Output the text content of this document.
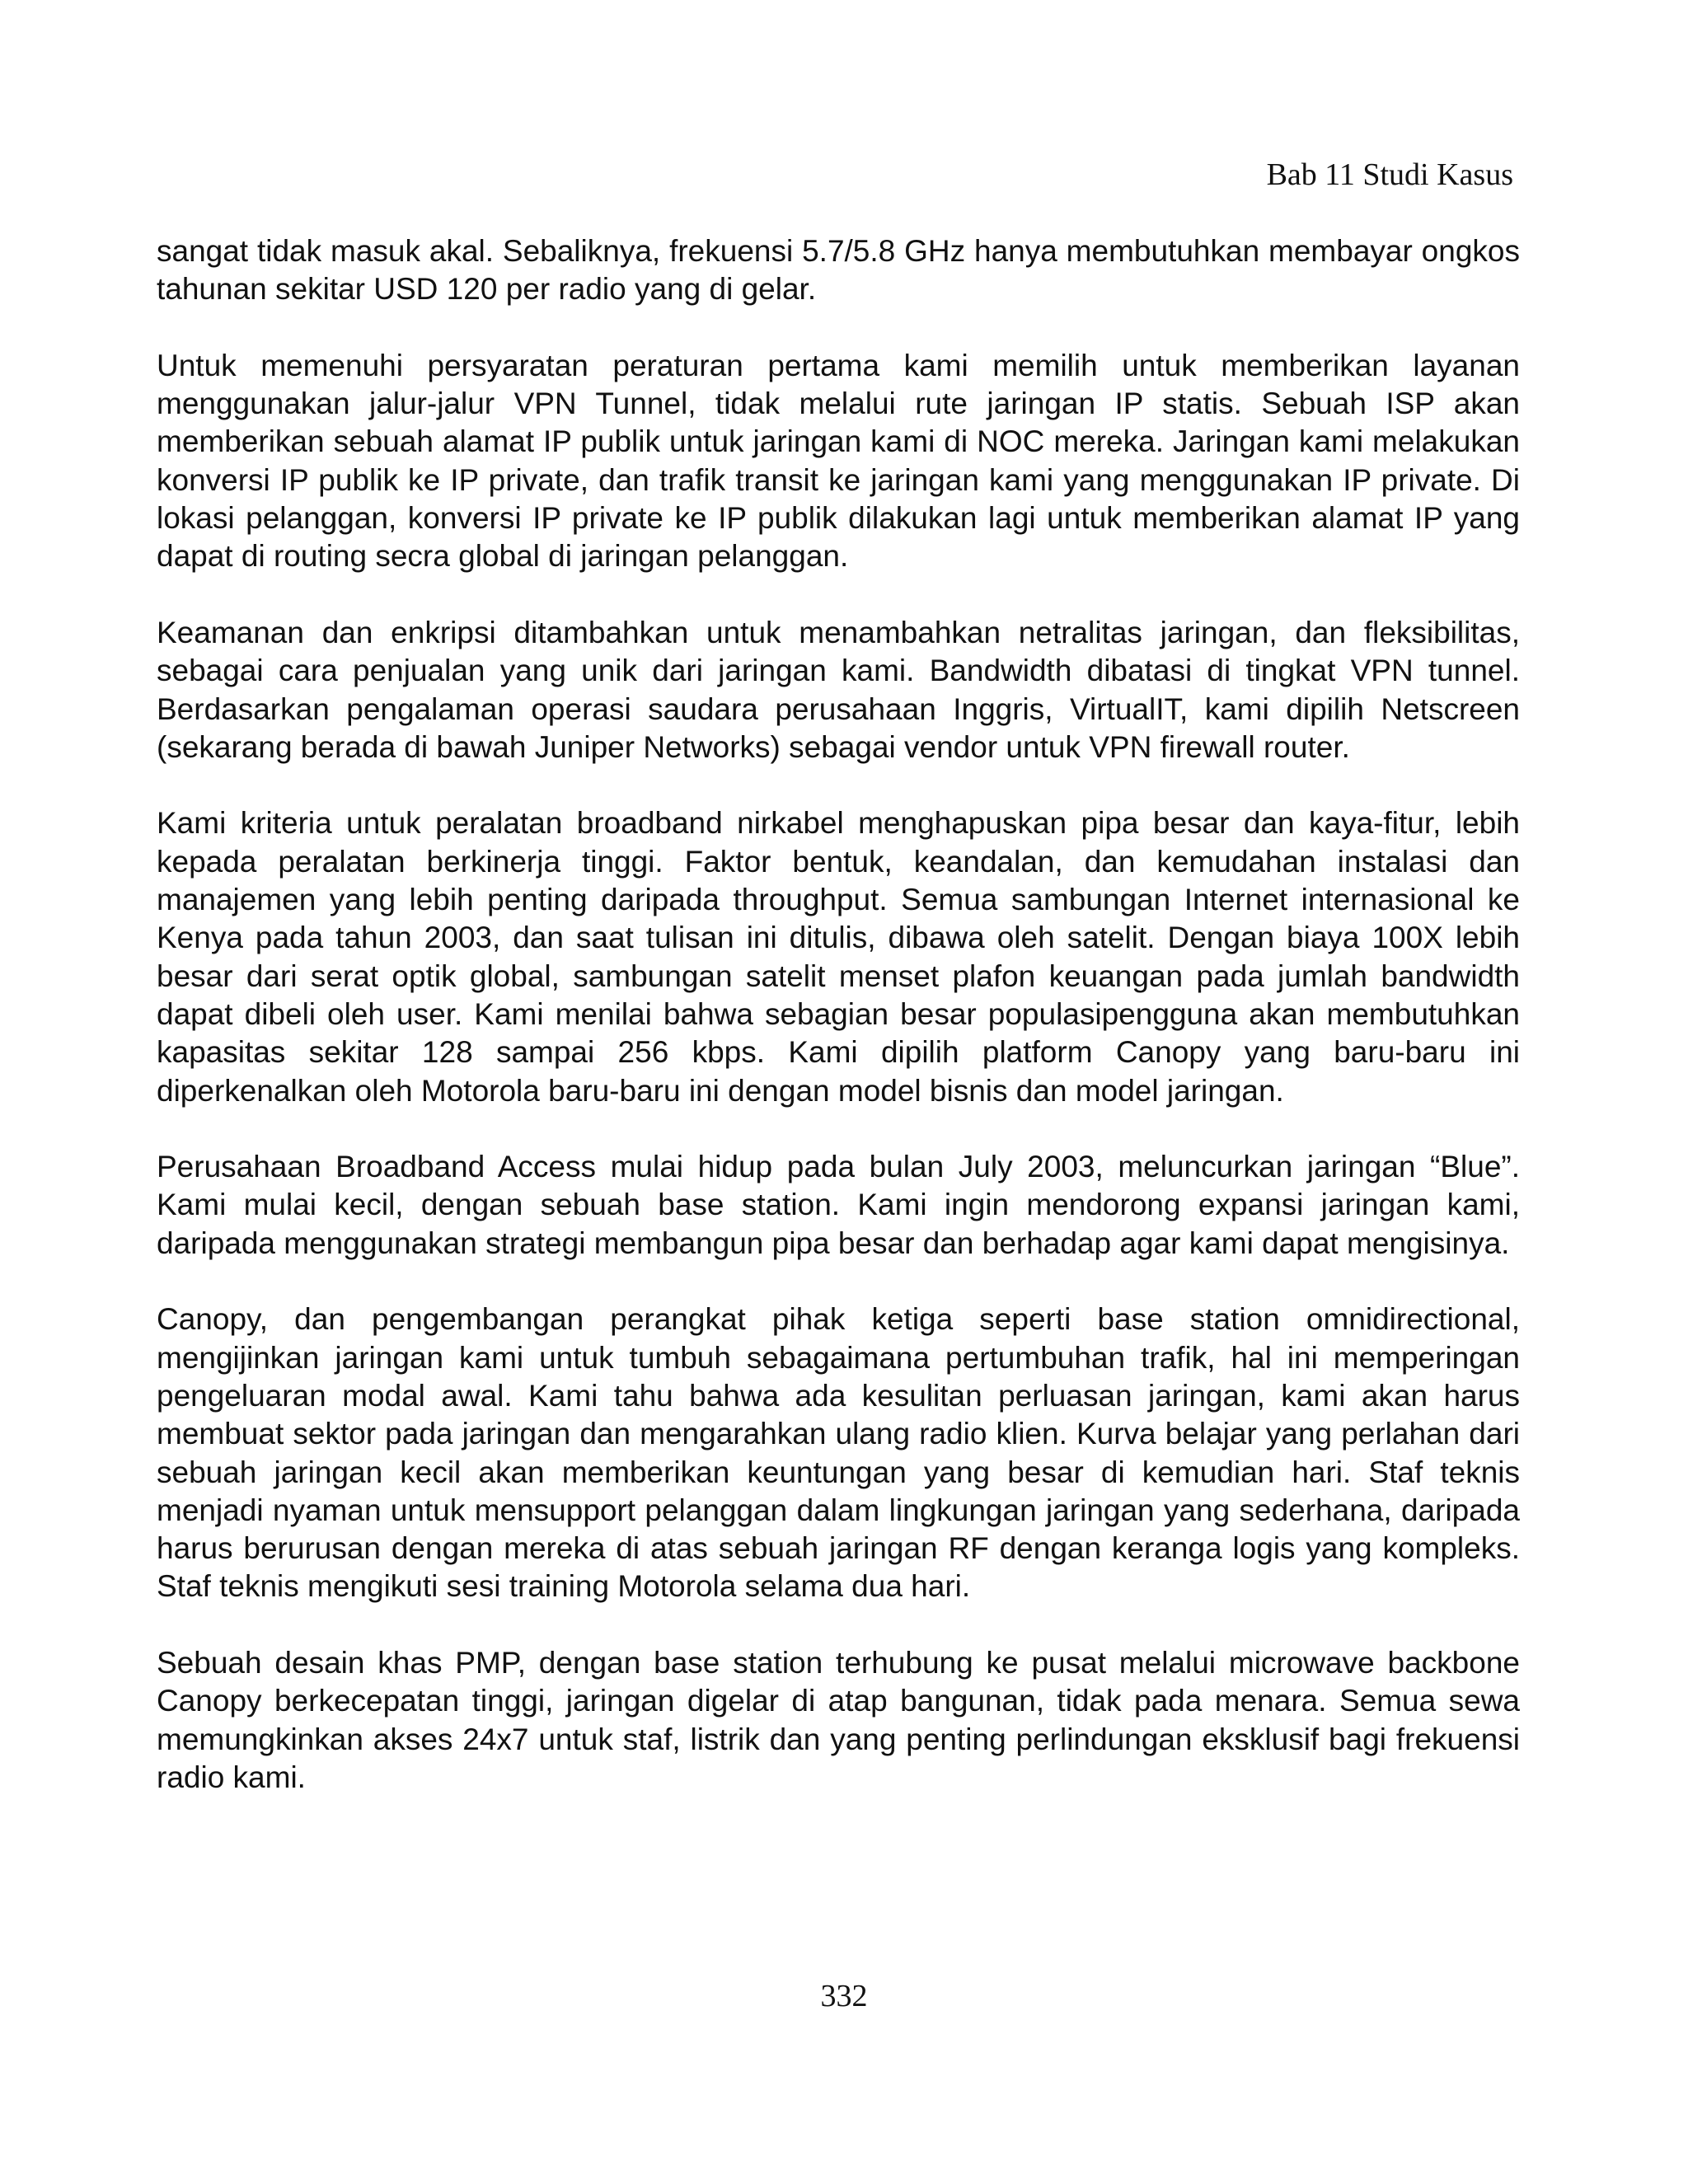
Bab 11 Studi Kasus

sangat tidak masuk akal. Sebaliknya, frekuensi 5.7/5.8 GHz hanya membutuhkan membayar ongkos tahunan sekitar USD 120 per radio yang di gelar.

Untuk memenuhi persyaratan peraturan pertama kami memilih untuk memberikan layanan menggunakan jalur-jalur VPN Tunnel, tidak melalui rute jaringan IP statis. Sebuah ISP akan memberikan sebuah alamat IP publik untuk jaringan kami di NOC mereka. Jaringan kami melakukan konversi IP publik ke IP private, dan trafik transit ke jaringan kami yang menggunakan IP private. Di lokasi pelanggan, konversi IP private ke IP publik dilakukan lagi untuk memberikan alamat IP yang dapat di routing secra global di jaringan pelanggan.

Keamanan dan enkripsi ditambahkan untuk menambahkan netralitas jaringan, dan fleksibilitas, sebagai cara penjualan yang unik dari jaringan kami. Bandwidth dibatasi di tingkat VPN tunnel. Berdasarkan pengalaman operasi saudara perusahaan Inggris, VirtualIT, kami dipilih Netscreen (sekarang berada di bawah Juniper Networks) sebagai vendor untuk VPN firewall router.

Kami kriteria untuk peralatan broadband nirkabel menghapuskan pipa besar dan kaya-fitur, lebih kepada peralatan berkinerja tinggi. Faktor bentuk, keandalan, dan kemudahan instalasi dan manajemen yang lebih penting daripada throughput. Semua sambungan Internet internasional ke Kenya pada tahun 2003, dan saat tulisan ini ditulis, dibawa oleh satelit. Dengan biaya 100X lebih besar dari serat optik global, sambungan satelit menset plafon keuangan pada jumlah bandwidth dapat dibeli oleh user. Kami menilai bahwa sebagian besar populasipengguna akan membutuhkan kapasitas sekitar 128 sampai 256 kbps. Kami dipilih platform Canopy yang baru-baru ini diperkenalkan oleh Motorola baru-baru ini dengan model bisnis dan model jaringan.

Perusahaan Broadband Access mulai hidup pada bulan July 2003, meluncurkan jaringan “Blue”. Kami mulai kecil, dengan sebuah base station. Kami ingin mendorong expansi jaringan kami, daripada menggunakan strategi membangun pipa besar dan berhadap agar kami dapat mengisinya.

Canopy, dan pengembangan perangkat pihak ketiga seperti base station omnidirectional, mengijinkan jaringan kami untuk tumbuh sebagaimana pertumbuhan trafik, hal ini memperingan pengeluaran modal awal. Kami tahu bahwa ada kesulitan perluasan jaringan, kami akan harus membuat sektor pada jaringan dan mengarahkan ulang radio klien. Kurva belajar yang perlahan dari sebuah jaringan kecil akan memberikan keuntungan yang besar di kemudian hari. Staf teknis menjadi nyaman untuk mensupport pelanggan dalam lingkungan jaringan yang sederhana, daripada harus berurusan dengan mereka di atas sebuah jaringan RF dengan keranga logis yang kompleks. Staf teknis mengikuti sesi training Motorola selama dua hari.

Sebuah desain khas PMP, dengan base station terhubung ke pusat melalui microwave backbone Canopy berkecepatan tinggi, jaringan digelar di atap bangunan, tidak pada menara. Semua sewa memungkinkan akses 24x7 untuk staf, listrik dan yang penting perlindungan eksklusif bagi frekuensi radio kami.

332
